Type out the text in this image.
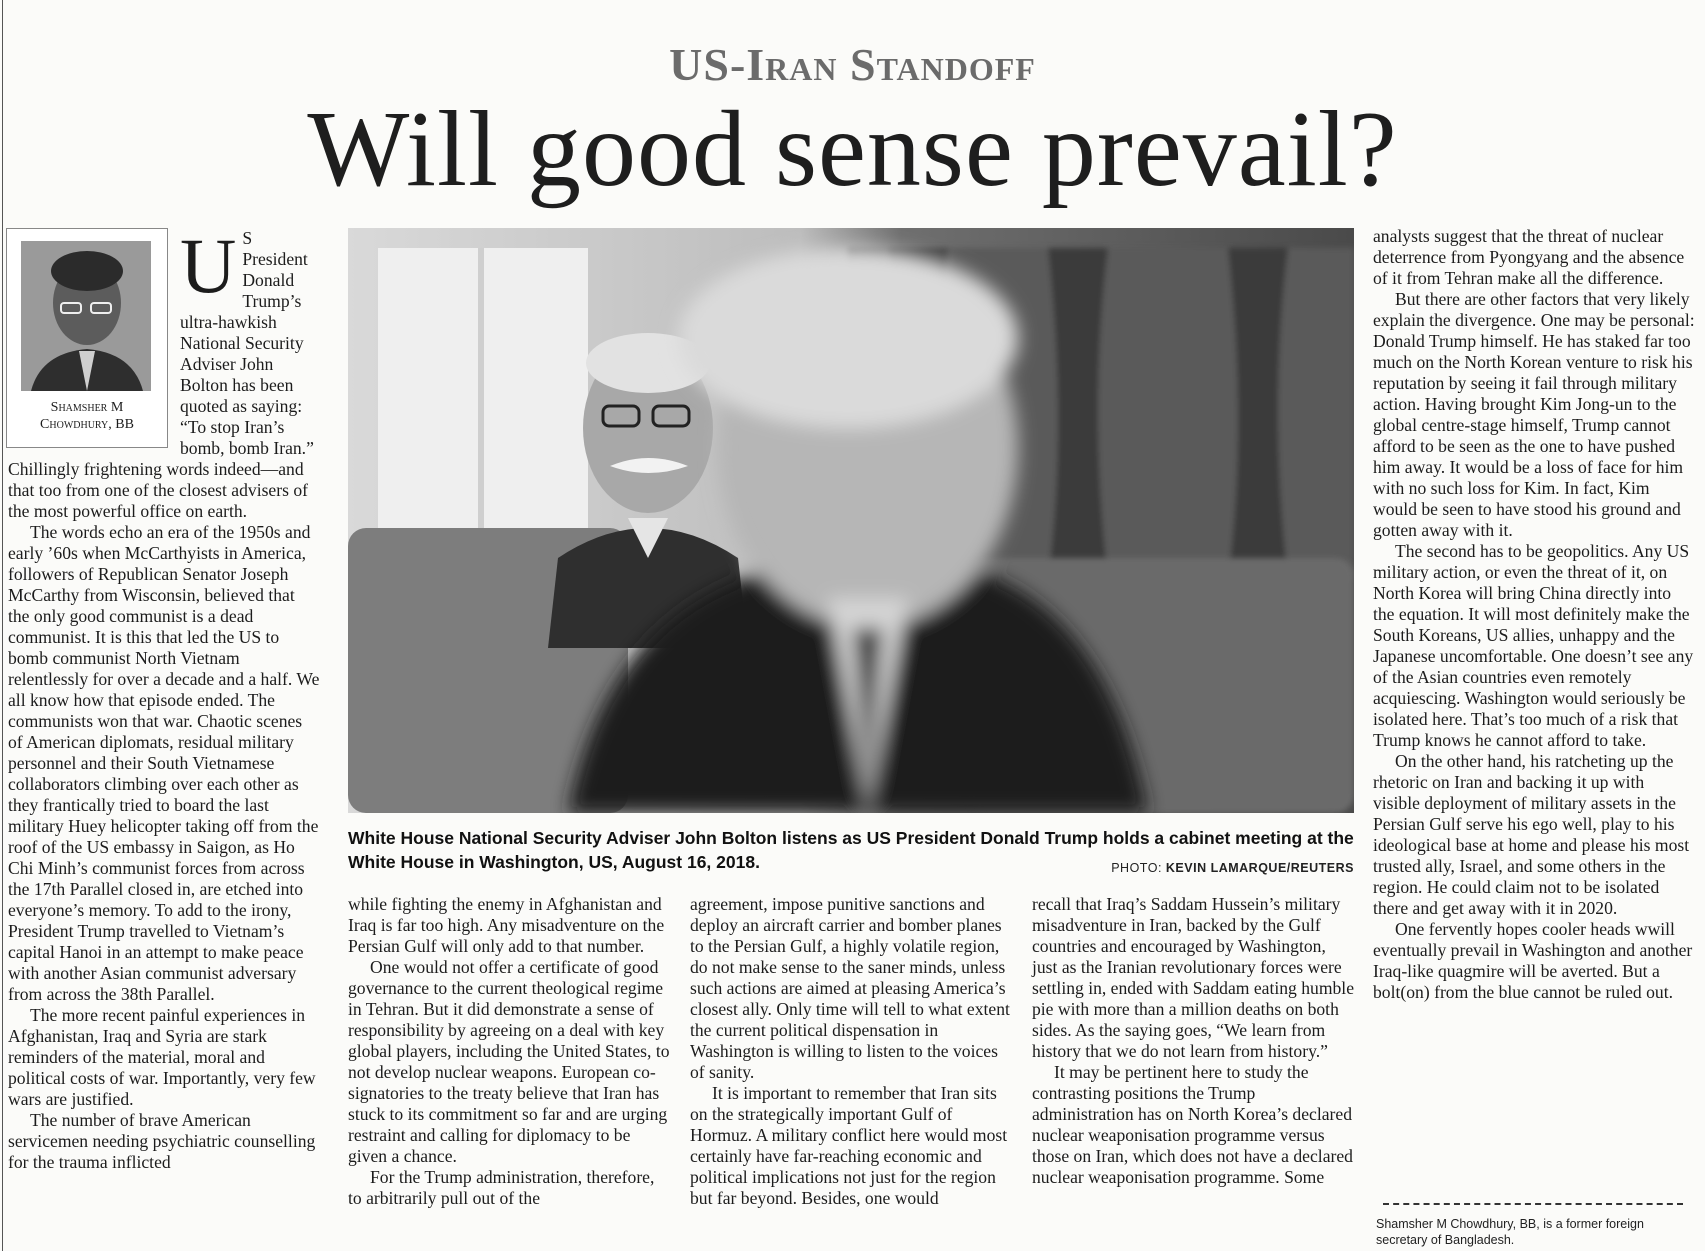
US-Iran Standoff
Will good sense prevail?
Shamsher M
Chowdhury, BB
U S President Donald Trump’s ultra-hawkish National Security Adviser John Bolton has been quoted as saying: “To stop Iran’s bomb, bomb Iran.” Chillingly frightening words indeed—and that too from one of the closest advisers of the most powerful office on earth.

The words echo an era of the 1950s and early ’60s when McCarthyists in America, followers of Republican Senator Joseph McCarthy from Wisconsin, believed that the only good communist is a dead communist. It is this that led the US to bomb communist North Vietnam relentlessly for over a decade and a half. We all know how that episode ended. The communists won that war. Chaotic scenes of American diplomats, residual military personnel and their South Vietnamese collaborators climbing over each other as they frantically tried to board the last military Huey helicopter taking off from the roof of the US embassy in Saigon, as Ho Chi Minh’s communist forces from across the 17th Parallel closed in, are etched into everyone’s memory. To add to the irony, President Trump travelled to Vietnam’s capital Hanoi in an attempt to make peace with another Asian communist adversary from across the 38th Parallel.

The more recent painful experiences in Afghanistan, Iraq and Syria are stark reminders of the material, moral and political costs of war. Importantly, very few wars are justified.

The number of brave American servicemen needing psychiatric counselling for the trauma inflicted

White House National Security Adviser John Bolton listens as US President Donald Trump holds a cabinet meeting at the White House in Washington, US, August 16, 2018.	PHOTO: KEVIN LAMARQUE/REUTERS

while fighting the enemy in Afghanistan and Iraq is far too high. Any misadventure on the Persian Gulf will only add to that number.

One would not offer a certificate of good governance to the current theological regime in Tehran. But it did demonstrate a sense of responsibility by agreeing on a deal with key global players, including the United States, to not develop nuclear weapons. European co-signatories to the treaty believe that Iran has stuck to its commitment so far and are urging restraint and calling for diplomacy to be given a chance.

For the Trump administration, therefore, to arbitrarily pull out of the

agreement, impose punitive sanctions and deploy an aircraft carrier and bomber planes to the Persian Gulf, a highly volatile region, do not make sense to the saner minds, unless such actions are aimed at pleasing America’s closest ally. Only time will tell to what extent the current political dispensation in Washington is willing to listen to the voices of sanity.

It is important to remember that Iran sits on the strategically important Gulf of Hormuz. A military conflict here would most certainly have far-reaching economic and political implications not just for the region but far beyond. Besides, one would

recall that Iraq’s Saddam Hussein’s military misadventure in Iran, backed by the Gulf countries and encouraged by Washington, just as the Iranian revolutionary forces were settling in, ended with Saddam eating humble pie with more than a million deaths on both sides. As the saying goes, “We learn from history that we do not learn from history.”

It may be pertinent here to study the contrasting positions the Trump administration has on North Korea’s declared nuclear weaponisation programme versus those on Iran, which does not have a declared nuclear weaponisation programme. Some

analysts suggest that the threat of nuclear deterrence from Pyongyang and the absence of it from Tehran make all the difference.

But there are other factors that very likely explain the divergence. One may be personal: Donald Trump himself. He has staked far too much on the North Korean venture to risk his reputation by seeing it fail through military action. Having brought Kim Jong-un to the global centre-stage himself, Trump cannot afford to be seen as the one to have pushed him away. It would be a loss of face for him with no such loss for Kim. In fact, Kim would be seen to have stood his ground and gotten away with it.

The second has to be geopolitics. Any US military action, or even the threat of it, on North Korea will bring China directly into the equation. It will most definitely make the South Koreans, US allies, unhappy and the Japanese uncomfortable. One doesn’t see any of the Asian countries even remotely acquiescing. Washington would seriously be isolated here. That’s too much of a risk that Trump knows he cannot afford to take.

On the other hand, his ratcheting up the rhetoric on Iran and backing it up with visible deployment of military assets in the Persian Gulf serve his ego well, play to his ideological base at home and please his most trusted ally, Israel, and some others in the region. He could claim not to be isolated there and get away with it in 2020.

One fervently hopes cooler heads wwill eventually prevail in Washington and another Iraq-like quagmire will be averted. But a bolt(on) from the blue cannot be ruled out.

Shamsher M Chowdhury, BB, is a former foreign secretary of Bangladesh.
